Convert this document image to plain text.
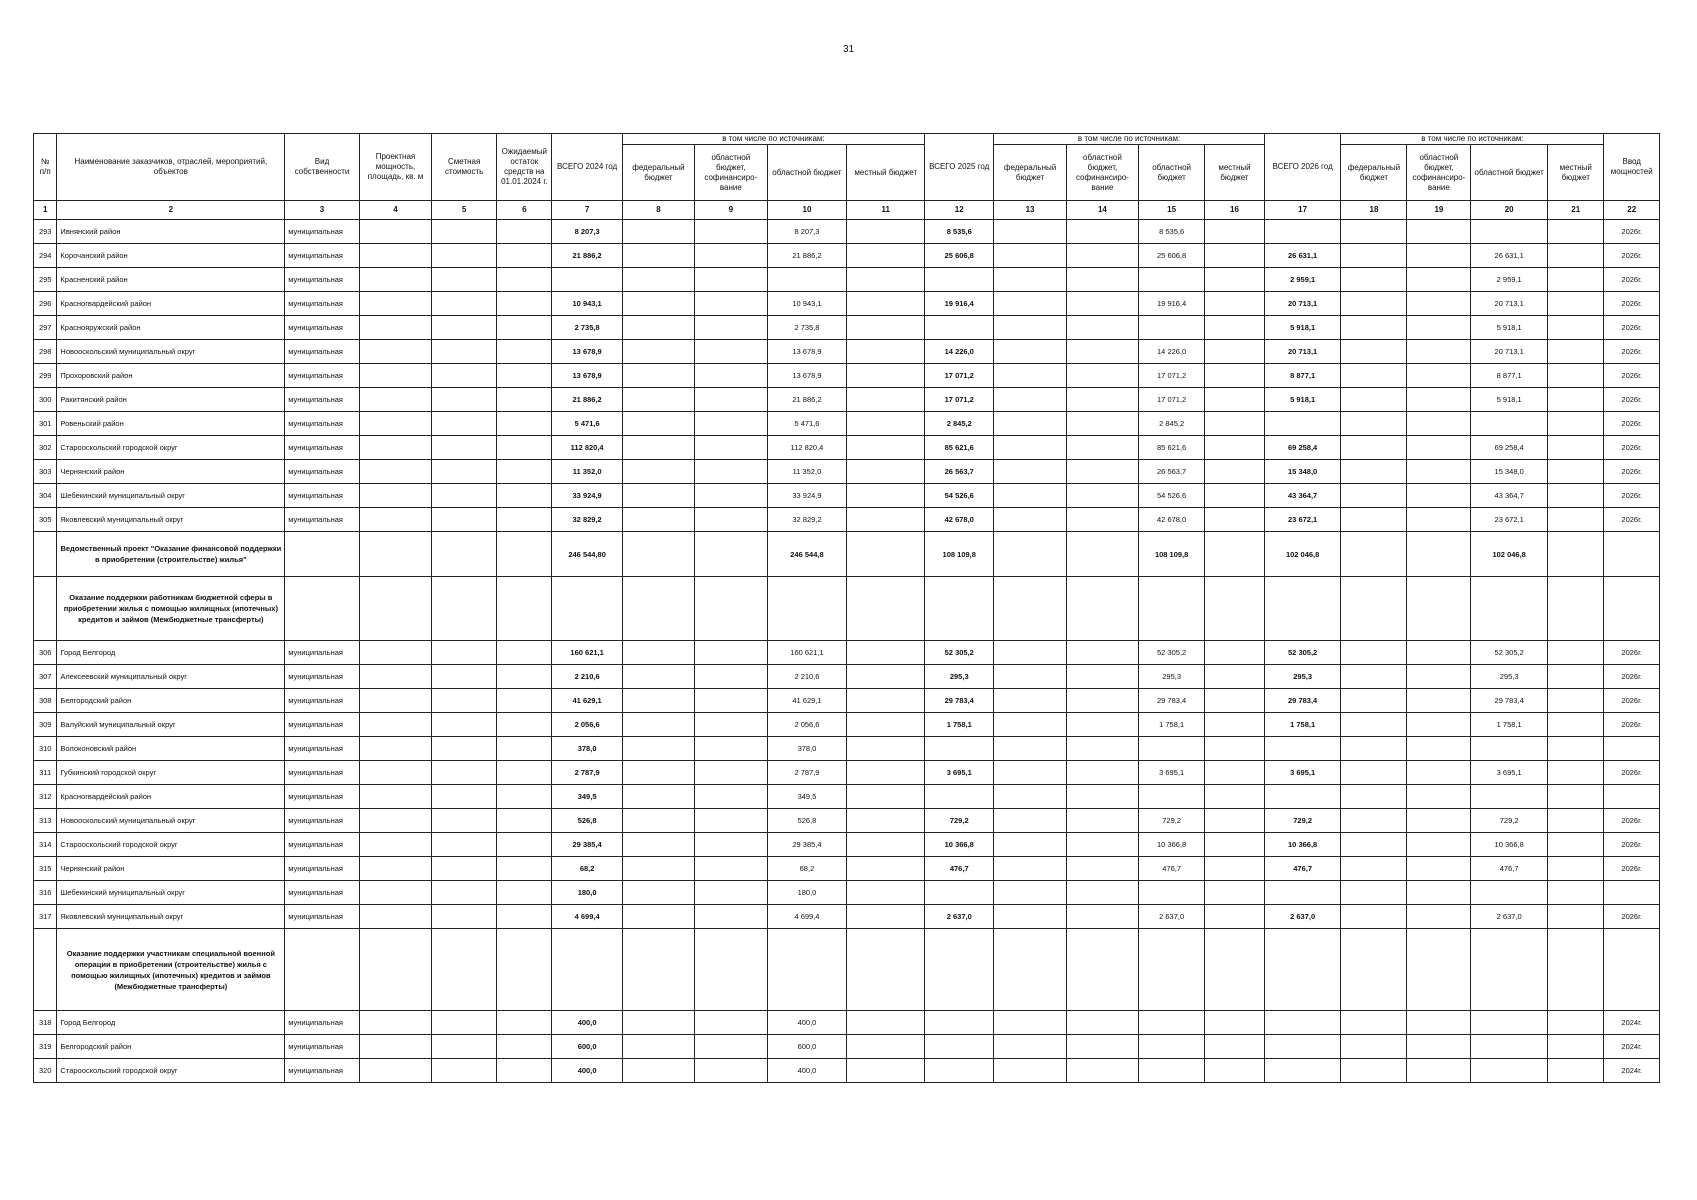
31
№ п/п	Наименование заказчиков, отраслей, мероприятий, объектов	Вид собственности	Проектная мощность, площадь, кв. м	Сметная стоимость	Ожидаемый остаток средств на 01.01.2024 г.	ВСЕГО 2024 год	в том числе по источникам:				ВСЕГО 2025 год	в том числе по источникам:				ВСЕГО 2026 год	в том числе по источникам:				Ввод мощностей
							федеральный бюджет	областной бюджет, софинансиро- вание	областной бюджет	местный бюджет		федеральный бюджет	областной бюджет, софинансиро- вание	областной бюджет	местный бюджет		федеральный бюджет	областной бюджет, софинансиро- вание	областной бюджет	местный бюджет	
1	2	3	4	5	6	7	8	9	10	11	12	13	14	15	16	17	18	19	20	21	22
293	Ивнянский район	муниципальная				8 207,3			8 207,3		8 535,6			8 535,6							2026г.
294	Корочанский район	муниципальная				21 886,2			21 886,2		25 606,8			25 606,8		26 631,1			26 631,1		2026г.
295	Красненский район	муниципальная														2 959,1			2 959,1		2026г.
296	Красногвардейский район	муниципальная				10 943,1			10 943,1		19 916,4			19 916,4		20 713,1			20 713,1		2026г.
297	Краснояружский район	муниципальная				2 735,8			2 735,8							5 918,1			5 918,1		2026г.
298	Новооскольский муниципальный округ	муниципальная				13 678,9			13 678,9		14 226,0			14 226,0		20 713,1			20 713,1		2026г.
299	Прохоровский район	муниципальная				13 678,9			13 678,9		17 071,2			17 071,2		8 877,1			8 877,1		2026г.
300	Ракитянский район	муниципальная				21 886,2			21 886,2		17 071,2			17 071,2		5 918,1			5 918,1		2026г.
301	Ровеньский район	муниципальная				5 471,6			5 471,6		2 845,2			2 845,2							2026г.
302	Старооскольский городской округ	муниципальная				112 820,4			112 820,4		85 621,6			85 621,6		69 258,4			69 258,4		2026г.
303	Чернянский район	муниципальная				11 352,0			11 352,0		26 563,7			26 563,7		15 348,0			15 348,0		2026г.
304	Шебекинский муниципальный округ	муниципальная				33 924,9			33 924,9		54 526,6			54 526,6		43 364,7			43 364,7		2026г.
305	Яковлевский муниципальный округ	муниципальная				32 829,2			32 829,2		42 678,0			42 678,0		23 672,1			23 672,1		2026г.
	Ведомственный проект "Оказание финансовой поддержки в приобретении (строительстве) жилья"					246 544,80			246 544,8		108 109,8			108 109,8		102 046,8			102 046,8		
	Оказание поддержки работникам бюджетной сферы в приобретении жилья с помощью жилищных (ипотечных) кредитов и займов (Межбюджетные трансферты)																				
306	Город Белгород	муниципальная				160 621,1			160 621,1		52 305,2			52 305,2		52 305,2			52 305,2		2026г.
307	Алексеевский муниципальный округ	муниципальная				2 210,6			2 210,6		295,3			295,3		295,3			295,3		2026г.
308	Белгородский район	муниципальная				41 629,1			41 629,1		29 783,4			29 783,4		29 783,4			29 783,4		2026г.
309	Валуйский муниципальный округ	муниципальная				2 056,6			2 056,6		1 758,1			1 758,1		1 758,1			1 758,1		2026г.
310	Волоконовский район	муниципальная				378,0			378,0												
311	Губкинский городской округ	муниципальная				2 787,9			2 787,9		3 695,1			3 695,1		3 695,1			3 695,1		2026г.
312	Красногвардейский район	муниципальная				349,5			349,5												
313	Новооскольский муниципальный округ	муниципальная				526,8			526,8		729,2			729,2		729,2			729,2		2026г.
314	Старооскольский городской округ	муниципальная				29 385,4			29 385,4		10 366,8			10 366,8		10 366,8			10 366,8		2026г.
315	Чернянский район	муниципальная				68,2			68,2		476,7			476,7		476,7			476,7		2026г.
316	Шебекинский муниципальный округ	муниципальная				180,0			180,0												
317	Яковлевский муниципальный округ	муниципальная				4 699,4			4 699,4		2 637,0			2 637,0		2 637,0			2 637,0		2026г.
	Оказание поддержки участникам специальной военной операции в приобретении (строительстве) жилья с помощью жилищных (ипотечных) кредитов и займов (Межбюджетные трансферты)																				
318	Город Белгород	муниципальная				400,0			400,0												2024г.
319	Белгородский район	муниципальная				600,0			600,0												2024г.
320	Старооскольский городской округ	муниципальная				400,0			400,0												2024г.
